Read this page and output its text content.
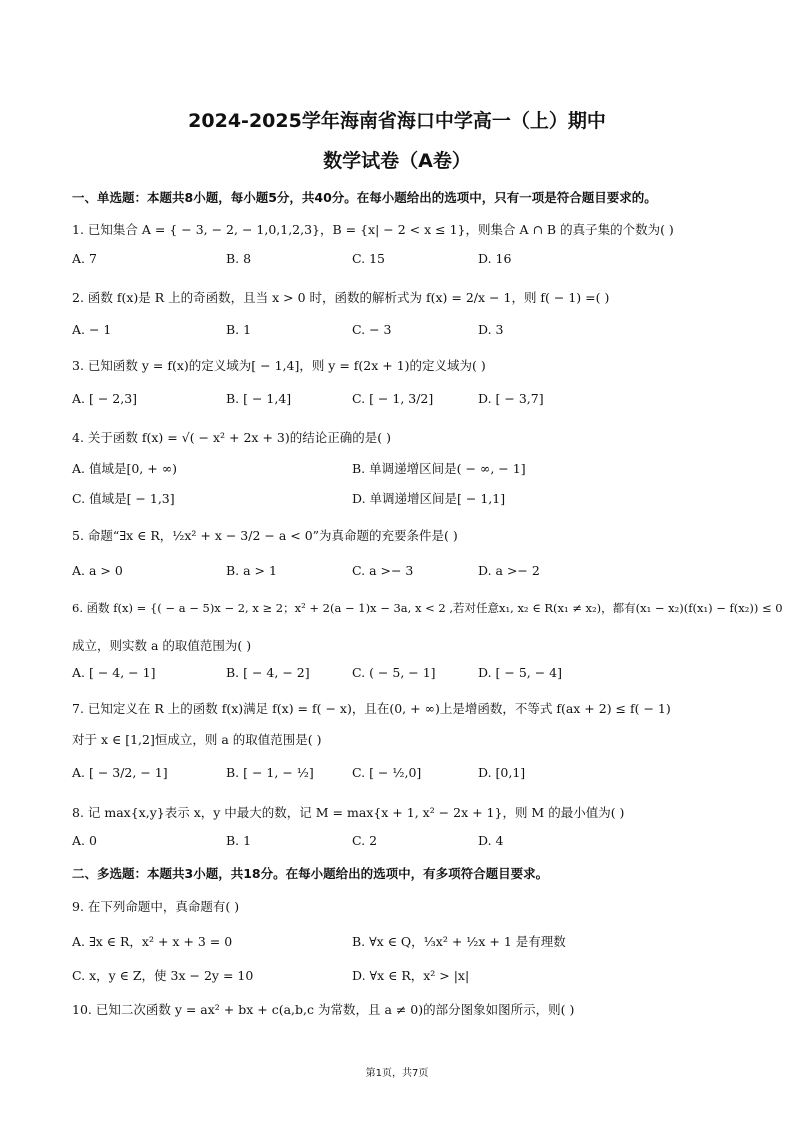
2024-2025学年海南省海口中学高一（上）期中
数学试卷（A卷）
一、单选题：本题共8小题，每小题5分，共40分。在每小题给出的选项中，只有一项是符合题目要求的。
1. 已知集合 A = { − 3, − 2, − 1,0,1,2,3}，B = {x| − 2 < x ≤ 1}，则集合 A ∩ B 的真子集的个数为( )
A. 7	B. 8	C. 15	D. 16
2. 函数 f(x)是 R 上的奇函数，且当 x > 0 时，函数的解析式为 f(x) = 2/x − 1，则 f( − 1) =( )
A. − 1	B. 1	C. − 3	D. 3
3. 已知函数 y = f(x)的定义域为[ − 1,4]，则 y = f(2x + 1)的定义域为( )
A. [ − 2,3]	B. [ − 1,4]	C. [ − 1, 3/2]	D. [ − 3,7]
4. 关于函数 f(x) = √( − x² + 2x + 3)的结论正确的是( )
A. 值域是[0, + ∞)	B. 单调递增区间是( − ∞, − 1]
C. 值域是[ − 1,3]	D. 单调递增区间是[ − 1,1]
5. 命题“∃x ∈ R，½x² + x − 3/2 − a < 0”为真命题的充要条件是( )
A. a > 0	B. a > 1	C. a >− 3	D. a >− 2
6. 函数 f(x) = {( − a − 5)x − 2, x ≥ 2；x² + 2(a − 1)x − 3a, x < 2 ,若对任意x₁, x₂ ∈ R(x₁ ≠ x₂)，都有(x₁ − x₂)(f(x₁) − f(x₂)) ≤ 0
成立，则实数 a 的取值范围为( )
A. [ − 4, − 1]	B. [ − 4, − 2]	C. ( − 5, − 1]	D. [ − 5, − 4]
7. 已知定义在 R 上的函数 f(x)满足 f(x) = f( − x)，且在(0, + ∞)上是增函数，不等式 f(ax + 2) ≤ f( − 1)
对于 x ∈ [1,2]恒成立，则 a 的取值范围是( )
A. [ − 3/2, − 1]	B. [ − 1, − ½]	C. [ − ½,0]	D. [0,1]
8. 记 max{x,y}表示 x，y 中最大的数，记 M = max{x + 1, x² − 2x + 1}，则 M 的最小值为( )
A. 0	B. 1	C. 2	D. 4
二、多选题：本题共3小题，共18分。在每小题给出的选项中，有多项符合题目要求。
9. 在下列命题中，真命题有( )
A. ∃x ∈ R，x² + x + 3 = 0	B. ∀x ∈ Q，⅓x² + ½x + 1 是有理数
C. x，y ∈ Z，使 3x − 2y = 10	D. ∀x ∈ R，x² > |x|
10. 已知二次函数 y = ax² + bx + c(a,b,c 为常数，且 a ≠ 0)的部分图象如图所示，则( )
第1页，共7页
